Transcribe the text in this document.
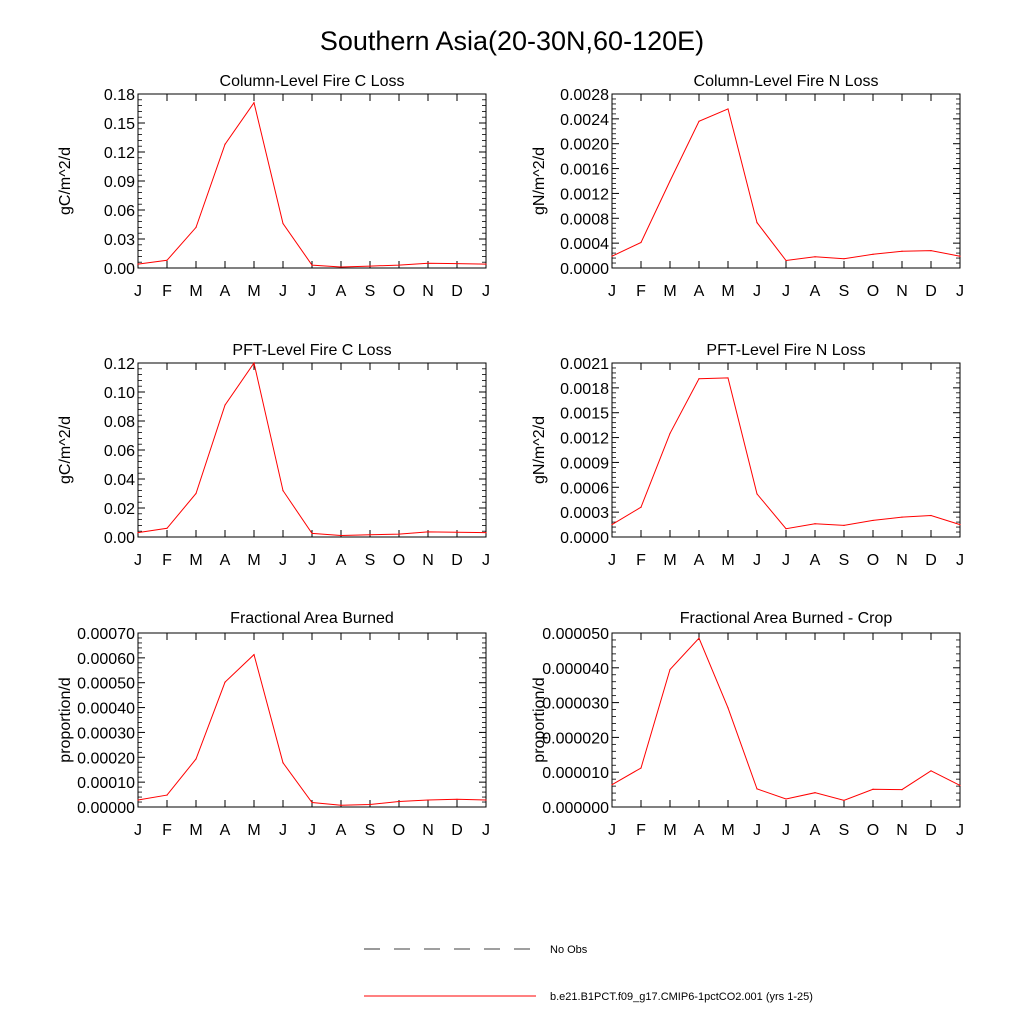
Southern Asia(20-30N,60-120E)
Column-Level Fire C Loss
0.00
0.03
0.06
0.09
0.12
0.15
0.18
J F M A M J J A S O N D J
gC/m^2/d
Column-Level Fire N Loss
0.0000
0.0004
0.0008
0.0012
0.0016
0.0020
0.0024
0.0028
J F M A M J J A S O N D J
gN/m^2/d
PFT-Level Fire C Loss
0.00
0.02
0.04
0.06
0.08
0.10
0.12
J F M A M J J A S O N D J
gC/m^2/d
PFT-Level Fire N Loss
0.0000
0.0003
0.0006
0.0009
0.0012
0.0015
0.0018
0.0021
J F M A M J J A S O N D J
gN/m^2/d
Fractional Area Burned
0.00000
0.00010
0.00020
0.00030
0.00040
0.00050
0.00060
0.00070
J F M A M J J A S O N D J
proportion/d
Fractional Area Burned - Crop
0.000000
0.000010
0.000020
0.000030
0.000040
0.000050
J F M A M J J A S O N D J
proportion/d
No Obs
b.e21.B1PCT.f09_g17.CMIP6-1pctCO2.001 (yrs 1-25)
